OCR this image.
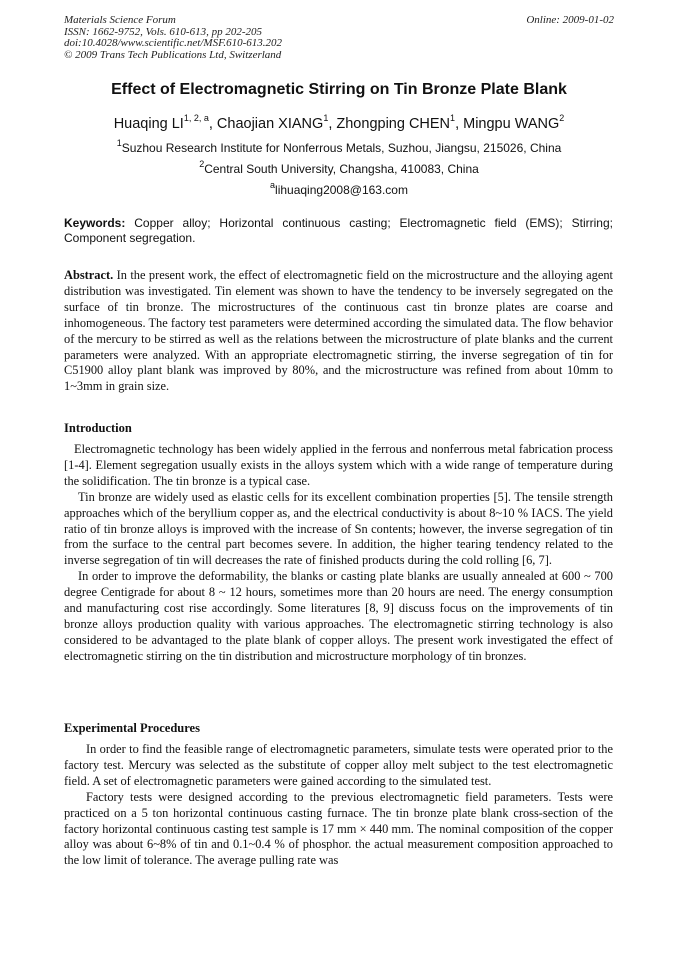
Materials Science Forum
ISSN: 1662-9752, Vols. 610-613, pp 202-205
doi:10.4028/www.scientific.net/MSF.610-613.202
© 2009 Trans Tech Publications Ltd, Switzerland
Online: 2009-01-02
Effect of Electromagnetic Stirring on Tin Bronze Plate Blank
Huaqing LI$^{1, 2, a}$, Chaojian XIANG$^1$, Zhongping CHEN$^1$, Mingpu WANG$^2$
$^1$Suzhou Research Institute for Nonferrous Metals, Suzhou, Jiangsu, 215026, China
$^2$Central South University, Changsha, 410083, China
$^a$lihuaqing2008@163.com
Keywords: Copper alloy; Horizontal continuous casting; Electromagnetic field (EMS); Stirring; Component segregation.
Abstract. In the present work, the effect of electromagnetic field on the microstructure and the alloying agent distribution was investigated. Tin element was shown to have the tendency to be inversely segregated on the surface of tin bronze. The microstructures of the continuous cast tin bronze plates are coarse and inhomogeneous. The factory test parameters were determined according the simulated data. The flow behavior of the mercury to be stirred as well as the relations between the microstructure of plate blanks and the current parameters were analyzed. With an appropriate electromagnetic stirring, the inverse segregation of tin for C51900 alloy plant blank was improved by 80%, and the microstructure was refined from about 10mm to 1~3mm in grain size.
Introduction

Electromagnetic technology has been widely applied in the ferrous and nonferrous metal fabrication process [1-4]. Element segregation usually exists in the alloys system which with a wide range of temperature during the solidification. The tin bronze is a typical case.

Tin bronze are widely used as elastic cells for its excellent combination properties [5]. The tensile strength approaches which of the beryllium copper as, and the electrical conductivity is about 8~10 % IACS. The yield ratio of tin bronze alloys is improved with the increase of Sn contents; however, the inverse segregation of tin from the surface to the central part becomes severe. In addition, the higher tearing tendency related to the inverse segregation of tin will decreases the rate of finished products during the cold rolling [6, 7].

In order to improve the deformability, the blanks or casting plate blanks are usually annealed at 600 ~ 700 degree Centigrade for about 8 ~ 12 hours, sometimes more than 20 hours are need. The energy consumption and manufacturing cost rise accordingly. Some literatures [8, 9] discuss focus on the improvements of tin bronze alloys production quality with various approaches. The electromagnetic stirring technology is also considered to be advantaged to the plate blank of copper alloys. The present work investigated the effect of electromagnetic stirring on the tin distribution and microstructure morphology of tin bronzes.

Experimental Procedures

In order to find the feasible range of electromagnetic parameters, simulate tests were operated prior to the factory test. Mercury was selected as the substitute of copper alloy melt subject to the test electromagnetic field. A set of electromagnetic parameters were gained according to the simulated test.

Factory tests were designed according to the previous electromagnetic field parameters. Tests were practiced on a 5 ton horizontal continuous casting furnace. The tin bronze plate blank cross-section of the factory horizontal continuous casting test sample is 17 mm × 440 mm. The nominal composition of the copper alloy was about 6~8% of tin and 0.1~0.4 % of phosphor. the actual measurement composition approached to the low limit of tolerance. The average pulling rate was
